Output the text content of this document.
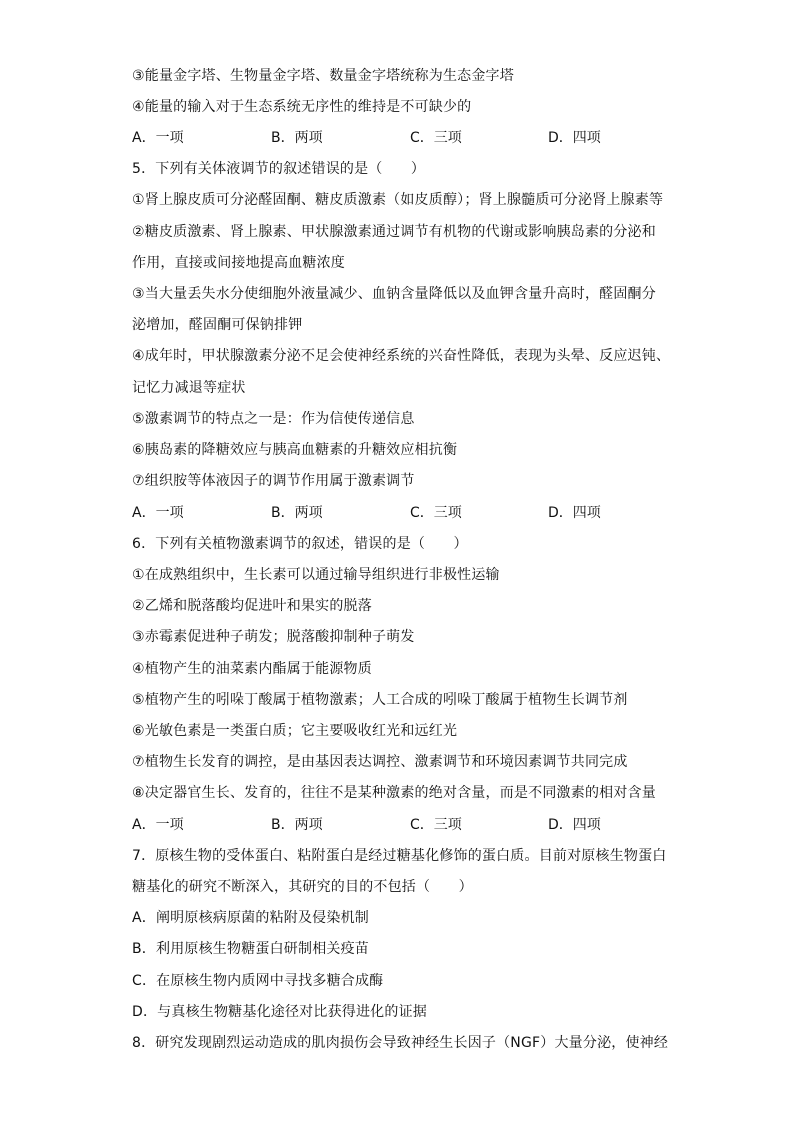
③能量金字塔、生物量金字塔、数量金字塔统称为生态金字塔
④能量的输入对于生态系统无序性的维持是不可缺少的
A．一项	B．两项	C．三项	D．四项
5．下列有关体液调节的叙述错误的是（　　）
①肾上腺皮质可分泌醛固酮、糖皮质激素（如皮质醇）；肾上腺髓质可分泌肾上腺素等
②糖皮质激素、肾上腺素、甲状腺激素通过调节有机物的代谢或影响胰岛素的分泌和
作用，直接或间接地提高血糖浓度
③当大量丢失水分使细胞外液量减少、血钠含量降低以及血钾含量升高时，醛固酮分
泌增加，醛固酮可保钠排钾
④成年时，甲状腺激素分泌不足会使神经系统的兴奋性降低，表现为头晕、反应迟钝、
记忆力减退等症状
⑤激素调节的特点之一是：作为信使传递信息
⑥胰岛素的降糖效应与胰高血糖素的升糖效应相抗衡
⑦组织胺等体液因子的调节作用属于激素调节
A．一项	B．两项	C．三项	D．四项
6．下列有关植物激素调节的叙述，错误的是（　　）
①在成熟组织中，生长素可以通过输导组织进行非极性运输
②乙烯和脱落酸均促进叶和果实的脱落
③赤霉素促进种子萌发；脱落酸抑制种子萌发
④植物产生的油菜素内酯属于能源物质
⑤植物产生的吲哚丁酸属于植物激素；人工合成的吲哚丁酸属于植物生长调节剂
⑥光敏色素是一类蛋白质；它主要吸收红光和远红光
⑦植物生长发育的调控，是由基因表达调控、激素调节和环境因素调节共同完成
⑧决定器官生长、发育的，往往不是某种激素的绝对含量，而是不同激素的相对含量
A．一项	B．两项	C．三项	D．四项
7．原核生物的受体蛋白、粘附蛋白是经过糖基化修饰的蛋白质。目前对原核生物蛋白
糖基化的研究不断深入，其研究的目的不包括（　　）
A．阐明原核病原菌的粘附及侵染机制
B．利用原核生物糖蛋白研制相关疫苗
C．在原核生物内质网中寻找多糖合成酶
D．与真核生物糖基化途径对比获得进化的证据
8．研究发现剧烈运动造成的肌肉损伤会导致神经生长因子（NGF）大量分泌，使神经
